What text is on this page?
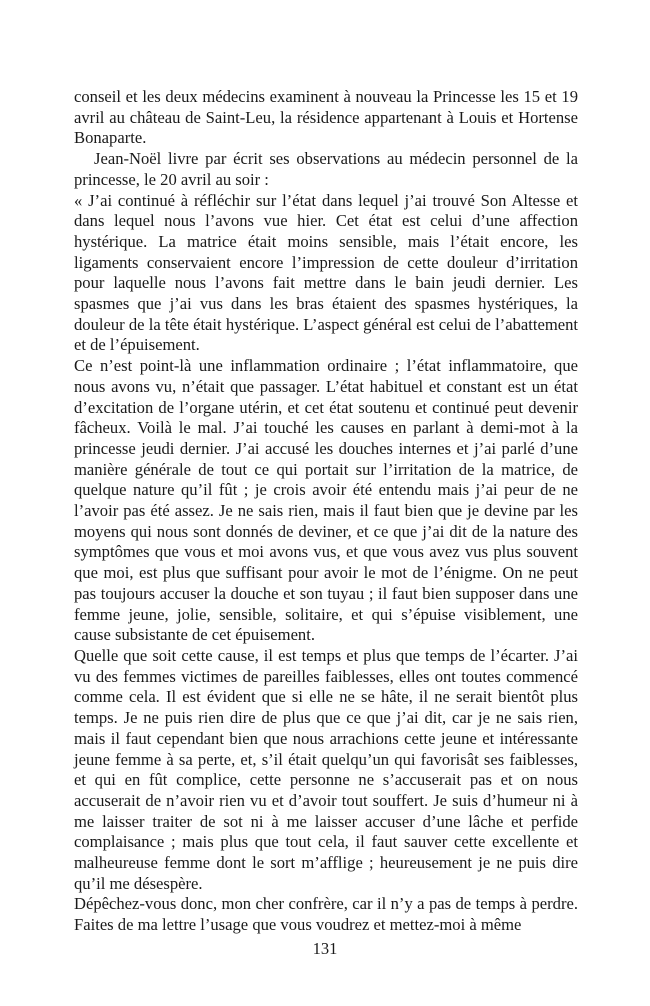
conseil et les deux médecins examinent à nouveau la Princesse les 15 et 19 avril au château de Saint-Leu, la résidence appartenant à Louis et Hortense Bonaparte.

Jean-Noël livre par écrit ses observations au médecin personnel de la princesse, le 20 avril au soir :

« J’ai continué à réfléchir sur l’état dans lequel j’ai trouvé Son Altesse et dans lequel nous l’avons vue hier. Cet état est celui d’une affection hystérique. La matrice était moins sensible, mais l’était encore, les ligaments conservaient encore l’impression de cette douleur d’irritation pour laquelle nous l’avons fait mettre dans le bain jeudi dernier. Les spasmes que j’ai vus dans les bras étaient des spasmes hystériques, la douleur de la tête était hystérique. L’aspect général est celui de l’abattement et de l’épuisement.

Ce n’est point-là une inflammation ordinaire ; l’état inflammatoire, que nous avons vu, n’était que passager. L’état habituel et constant est un état d’excitation de l’organe utérin, et cet état soutenu et continué peut devenir fâcheux. Voilà le mal. J’ai touché les causes en parlant à demi-mot à la princesse jeudi dernier. J’ai accusé les douches internes et j’ai parlé d’une manière générale de tout ce qui portait sur l’irritation de la matrice, de quelque nature qu’il fût ; je crois avoir été entendu mais j’ai peur de ne l’avoir pas été assez. Je ne sais rien, mais il faut bien que je devine par les moyens qui nous sont donnés de deviner, et ce que j’ai dit de la nature des symptômes que vous et moi avons vus, et que vous avez vus plus souvent que moi, est plus que suffisant pour avoir le mot de l’énigme. On ne peut pas toujours accuser la douche et son tuyau ; il faut bien supposer dans une femme jeune, jolie, sensible, solitaire, et qui s’épuise visiblement, une cause subsistante de cet épuisement.

Quelle que soit cette cause, il est temps et plus que temps de l’écarter. J’ai vu des femmes victimes de pareilles faiblesses, elles ont toutes commencé comme cela. Il est évident que si elle ne se hâte, il ne serait bientôt plus temps. Je ne puis rien dire de plus que ce que j’ai dit, car je ne sais rien, mais il faut cependant bien que nous arrachions cette jeune et intéressante jeune femme à sa perte, et, s’il était quelqu’un qui favorisât ses faiblesses, et qui en fût complice, cette personne ne s’accuserait pas et on nous accuserait de n’avoir rien vu et d’avoir tout souffert. Je suis d’humeur ni à me laisser traiter de sot ni à me laisser accuser d’une lâche et perfide complaisance ; mais plus que tout cela, il faut sauver cette excellente et malheureuse femme dont le sort m’afflige ; heureusement je ne puis dire qu’il me désespère.

Dépêchez-vous donc, mon cher confrère, car il n’y a pas de temps à perdre. Faites de ma lettre l’usage que vous voudrez et mettez-moi à même

131
